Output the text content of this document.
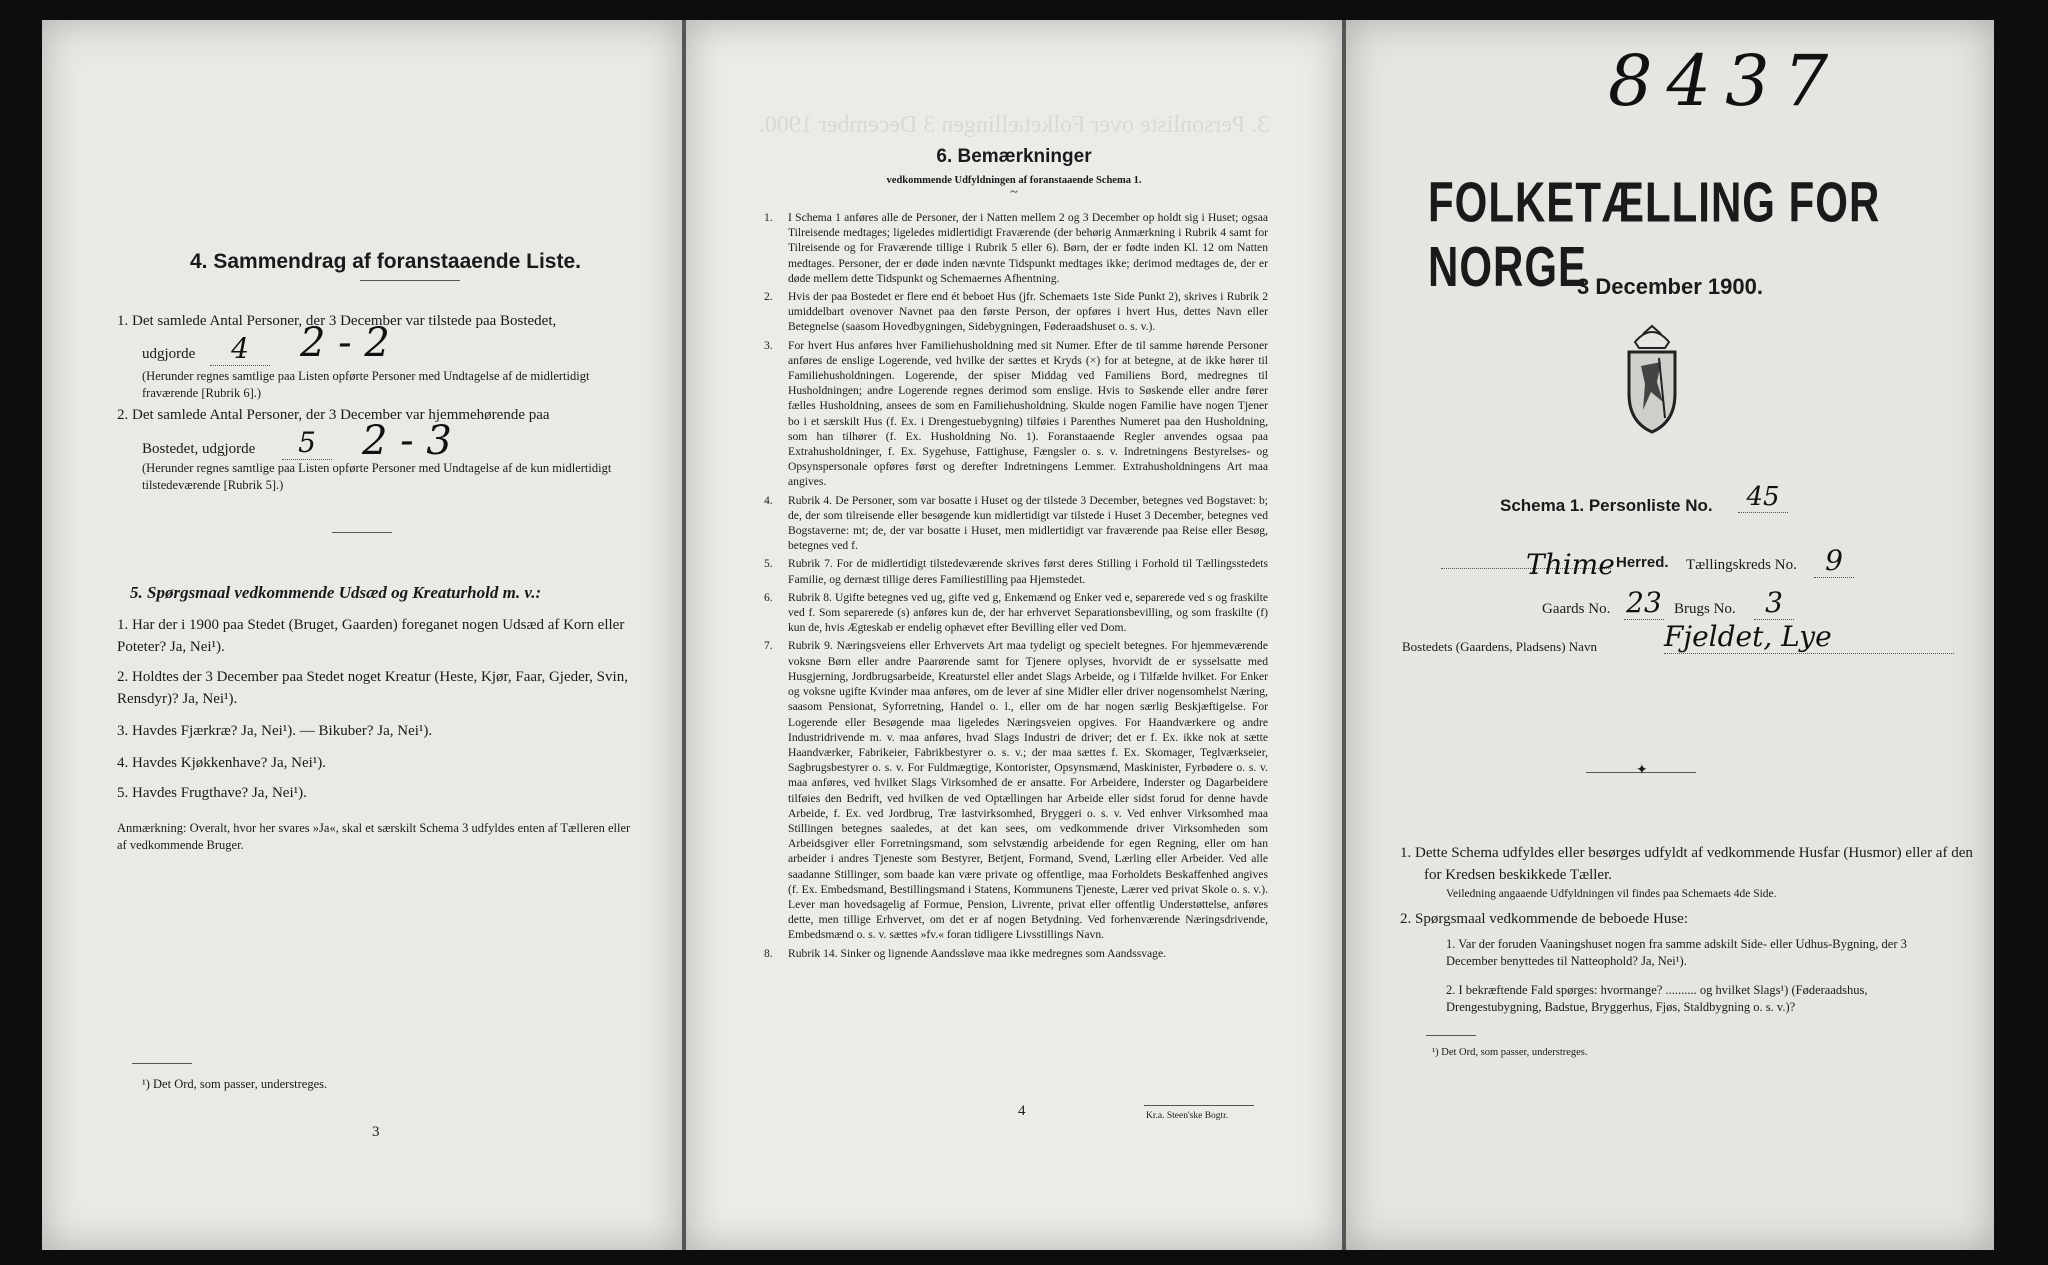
4. Sammendrag af foranstaaende Liste.
1. Det samlede Antal Personer, der 3 December var tilstede paa Bostedet,
udgjorde	4	2 - 2
(Herunder regnes samtlige paa Listen opførte Personer med Undtagelse af de midlertidigt fraværende [Rubrik 6].)
2. Det samlede Antal Personer, der 3 December var hjemmehørende paa
Bostedet, udgjorde	5	2 - 3
(Herunder regnes samtlige paa Listen opførte Personer med Undtagelse af de kun midlertidigt tilstedeværende [Rubrik 5].)
5. Spørgsmaal vedkommende Udsæd og Kreaturhold m. v.:
1. Har der i 1900 paa Stedet (Bruget, Gaarden) foreganet nogen Udsæd af Korn eller Poteter? Ja, Nei¹).
2. Holdtes der 3 December paa Stedet noget Kreatur (Heste, Kjør, Faar, Gjeder, Svin, Rensdyr)? Ja, Nei¹).
3. Havdes Fjærkræ? Ja, Nei¹). — Bikuber? Ja, Nei¹).
4. Havdes Kjøkkenhave? Ja, Nei¹).
5. Havdes Frugthave? Ja, Nei¹).
Anmærkning: Overalt, hvor her svares »Ja«, skal et særskilt Schema 3 udfyldes enten af Tælleren eller af vedkommende Bruger.
¹) Det Ord, som passer, understreges.
3
3. Personliste over Folketællingen 3 December 1900.
6. Bemærkninger
vedkommende Udfyldningen af foranstaaende Schema 1.
~
1.	I Schema 1 anføres alle de Personer, der i Natten mellem 2 og 3 December op holdt sig i Huset; ogsaa Tilreisende medtages; ligeledes midlertidigt Fraværende (der behørig Anmærkning i Rubrik 4 samt for Tilreisende og for Fraværende tillige i Rubrik 5 eller 6). Børn, der er fødte inden Kl. 12 om Natten medtages. Personer, der er døde inden nævnte Tidspunkt medtages ikke; derimod medtages de, der er døde mellem dette Tidspunkt og Schemaernes Afhentning.
2.	Hvis der paa Bostedet er flere end ét beboet Hus (jfr. Schemaets 1ste Side Punkt 2), skrives i Rubrik 2 umiddelbart ovenover Navnet paa den første Person, der opføres i hvert Hus, dettes Navn eller Betegnelse (saasom Hovedbygningen, Sidebygningen, Føderaadshuset o. s. v.).
3.	For hvert Hus anføres hver Familiehusholdning med sit Numer. Efter de til samme hørende Personer anføres de enslige Logerende, ved hvilke der sættes et Kryds (×) for at betegne, at de ikke hører til Familiehusholdningen. Logerende, der spiser Middag ved Familiens Bord, medregnes til Husholdningen; andre Logerende regnes derimod som enslige. Hvis to Søskende eller andre fører fælles Husholdning, ansees de som en Familiehusholdning. Skulde nogen Familie have nogen Tjener bo i et særskilt Hus (f. Ex. i Drengestuebygning) tilføies i Parenthes Numeret paa den Husholdning, som han tilhører (f. Ex. Husholdning No. 1). Foranstaaende Regler anvendes ogsaa paa Extrahusholdninger, f. Ex. Sygehuse, Fattighuse, Fængsler o. s. v. Indretningens Bestyrelses- og Opsynspersonale opføres først og derefter Indretningens Lemmer. Extrahusholdningens Art maa angives.
4.	Rubrik 4. De Personer, som var bosatte i Huset og der tilstede 3 December, betegnes ved Bogstavet: b; de, der som tilreisende eller besøgende kun midlertidigt var tilstede i Huset 3 December, betegnes ved Bogstaverne: mt; de, der var bosatte i Huset, men midlertidigt var fraværende paa Reise eller Besøg, betegnes ved f.
5.	Rubrik 7. For de midlertidigt tilstedeværende skrives først deres Stilling i Forhold til Tællingsstedets Familie, og dernæst tillige deres Familiestilling paa Hjemstedet.
6.	Rubrik 8. Ugifte betegnes ved ug, gifte ved g, Enkemænd og Enker ved e, separerede ved s og fraskilte ved f. Som separerede (s) anføres kun de, der har erhvervet Separationsbevilling, og som fraskilte (f) kun de, hvis Ægteskab er endelig ophævet efter Bevilling eller ved Dom.
7.	Rubrik 9. Næringsveiens eller Erhvervets Art maa tydeligt og specielt betegnes. For hjemmeværende voksne Børn eller andre Paarørende samt for Tjenere oplyses, hvorvidt de er sysselsatte med Husgjerning, Jordbrugsarbeide, Kreaturstel eller andet Slags Arbeide, og i Tilfælde hvilket. For Enker og voksne ugifte Kvinder maa anføres, om de lever af sine Midler eller driver nogensomhelst Næring, saasom Pensionat, Syforretning, Handel o. l., eller om de har nogen særlig Beskjæftigelse. For Logerende eller Besøgende maa ligeledes Næringsveien opgives. For Haandværkere og andre Industridrivende m. v. maa anføres, hvad Slags Industri de driver; det er f. Ex. ikke nok at sætte Haandværker, Fabrikeier, Fabrikbestyrer o. s. v.; der maa sættes f. Ex. Skomager, Teglværkseier, Sagbrugsbestyrer o. s. v. For Fuldmægtige, Kontorister, Opsynsmænd, Maskinister, Fyrbødere o. s. v. maa anføres, ved hvilket Slags Virksomhed de er ansatte. For Arbeidere, Inderster og Dagarbeidere tilføies den Bedrift, ved hvilken de ved Optællingen har Arbeide eller sidst forud for denne havde Arbeide, f. Ex. ved Jordbrug, Træ lastvirksomhed, Bryggeri o. s. v. Ved enhver Virksomhed maa Stillingen betegnes saaledes, at det kan sees, om vedkommende driver Virksomheden som Arbeidsgiver eller Forretningsmand, som selvstændig arbeidende for egen Regning, eller om han arbeider i andres Tjeneste som Bestyrer, Betjent, Formand, Svend, Lærling eller Arbeider. Ved alle saadanne Stillinger, som baade kan være private og offentlige, maa Forholdets Beskaffenhed angives (f. Ex. Embedsmand, Bestillingsmand i Statens, Kommunens Tjeneste, Lærer ved privat Skole o. s. v.). Lever man hovedsagelig af Formue, Pension, Livrente, privat eller offentlig Understøttelse, anføres dette, men tillige Erhvervet, om det er af nogen Betydning. Ved forhenværende Næringsdrivende, Embedsmænd o. s. v. sættes »fv.« foran tidligere Livsstillings Navn.
8.	Rubrik 14. Sinker og lignende Aandssløve maa ikke medregnes som Aandssvage.
4	Kr.a. Steen'ske Bogtr.
8437
FOLKETÆLLING FOR NORGE
3 December 1900.
Schema 1. Personliste No.	45
Thime Herred. Tællingskreds No.	9
Gaards No. 23 Brugs No.	3
Bostedets (Gaardens, Pladsens) Navn Fjeldet, Lye
✦
1. Dette Schema udfyldes eller besørges udfyldt af vedkommende Husfar (Husmor) eller af den for Kredsen beskikkede Tæller.
Veiledning angaaende Udfyldningen vil findes paa Schemaets 4de Side.
2. Spørgsmaal vedkommende de beboede Huse:
1. Var der foruden Vaaningshuset nogen fra samme adskilt Side- eller Udhus-Bygning, der 3 December benyttedes til Natteophold? Ja, Nei¹).
2. I bekræftende Fald spørges: hvormange? .......... og hvilket Slags¹) (Føderaadshus, Drengestubygning, Badstue, Bryggerhus, Fjøs, Staldbygning o. s. v.)?
¹) Det Ord, som passer, understreges.
